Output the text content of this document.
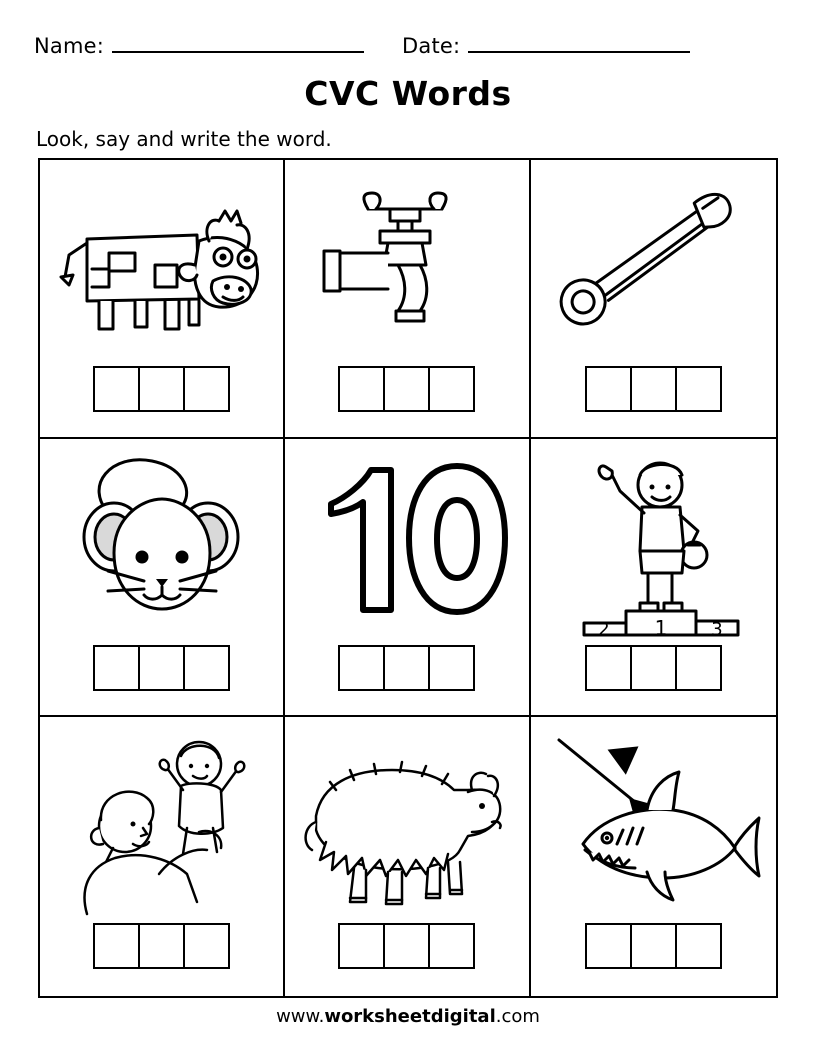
Name:	Date:
CVC Words
Look, say and write the word.
2 1 3
www.worksheetdigital.com
